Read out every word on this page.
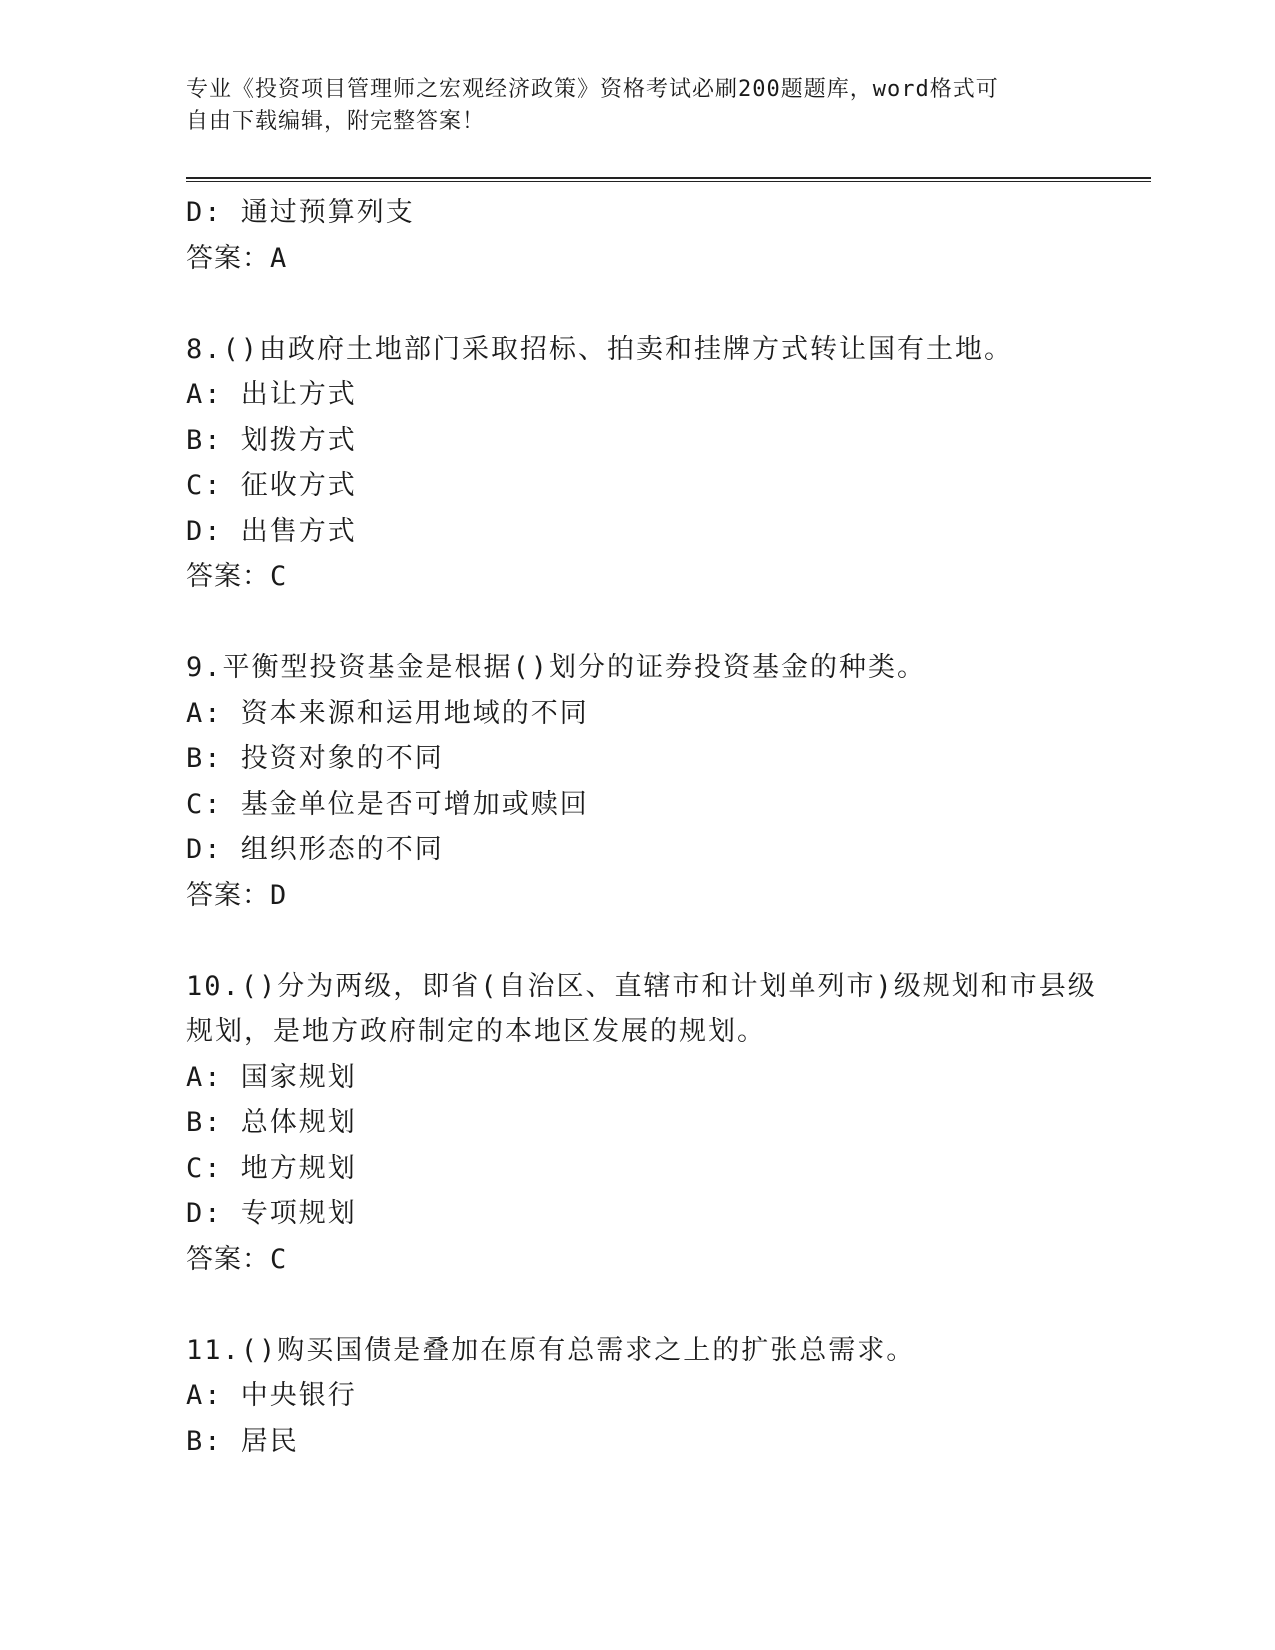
专业《投资项目管理师之宏观经济政策》资格考试必刷200题题库，word格式可
自由下载编辑，附完整答案！
D: 通过预算列支
答案：A
8.()由政府土地部门采取招标、拍卖和挂牌方式转让国有土地。
A: 出让方式
B: 划拨方式
C: 征收方式
D: 出售方式
答案：C
9.平衡型投资基金是根据()划分的证券投资基金的种类。
A: 资本来源和运用地域的不同
B: 投资对象的不同
C: 基金单位是否可增加或赎回
D: 组织形态的不同
答案：D
10.()分为两级，即省(自治区、直辖市和计划单列市)级规划和市县级
规划，是地方政府制定的本地区发展的规划。
A: 国家规划
B: 总体规划
C: 地方规划
D: 专项规划
答案：C
11.()购买国债是叠加在原有总需求之上的扩张总需求。
A: 中央银行
B: 居民
